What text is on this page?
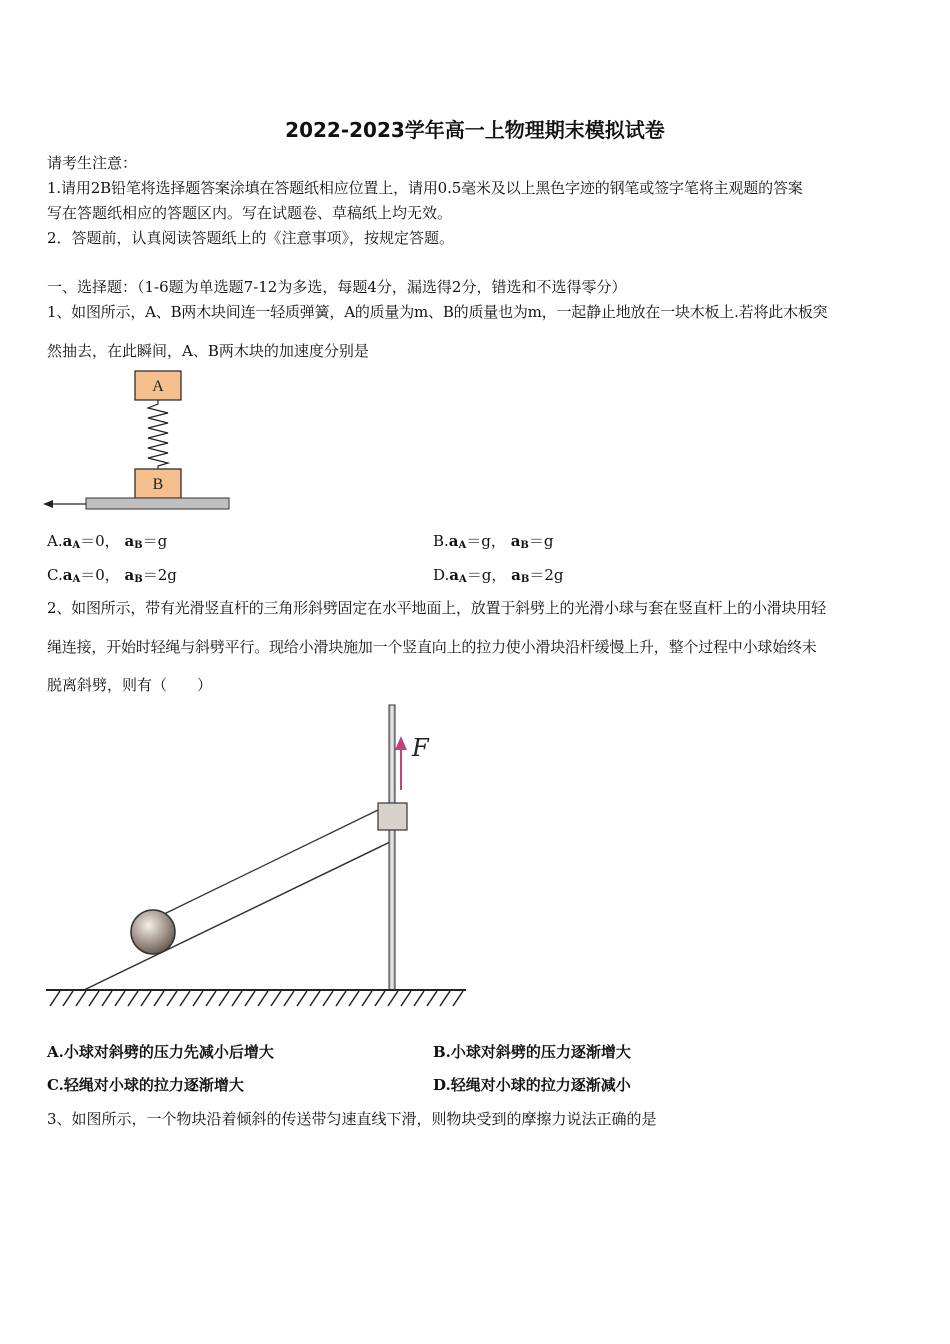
2022-2023学年高一上物理期末模拟试卷
请考生注意：
1.请用2B铅笔将选择题答案涂填在答题纸相应位置上，请用0.5毫米及以上黑色字迹的钢笔或签字笔将主观题的答案
写在答题纸相应的答题区内。写在试题卷、草稿纸上均无效。
2．答题前，认真阅读答题纸上的《注意事项》，按规定答题。
一、选择题：（1-6题为单选题7-12为多选，每题4分，漏选得2分，错选和不选得零分）
1、如图所示，A、B两木块间连一轻质弹簧，A的质量为m、B的质量也为m，一起静止地放在一块木板上.若将此木板突
然抽去，在此瞬间，A、B两木块的加速度分别是
A
B
$A.a_A=0$， $a_B=g$	$B.a_A=g$， $a_B=g$
$C.a_A=0$， $a_B=2g$	$D.a_A=g$， $a_B=2g$
2、如图所示，带有光滑竖直杆的三角形斜劈固定在水平地面上，放置于斜劈上的光滑小球与套在竖直杆上的小滑块用轻
绳连接，开始时轻绳与斜劈平行。现给小滑块施加一个竖直向上的拉力使小滑块沿杆缓慢上升，整个过程中小球始终未
脱离斜劈，则有（　　）
F
A.小球对斜劈的压力先减小后增大	B.小球对斜劈的压力逐渐增大
C.轻绳对小球的拉力逐渐增大	D.轻绳对小球的拉力逐渐减小
3、如图所示，一个物块沿着倾斜的传送带匀速直线下滑，则物块受到的摩擦力说法正确的是
